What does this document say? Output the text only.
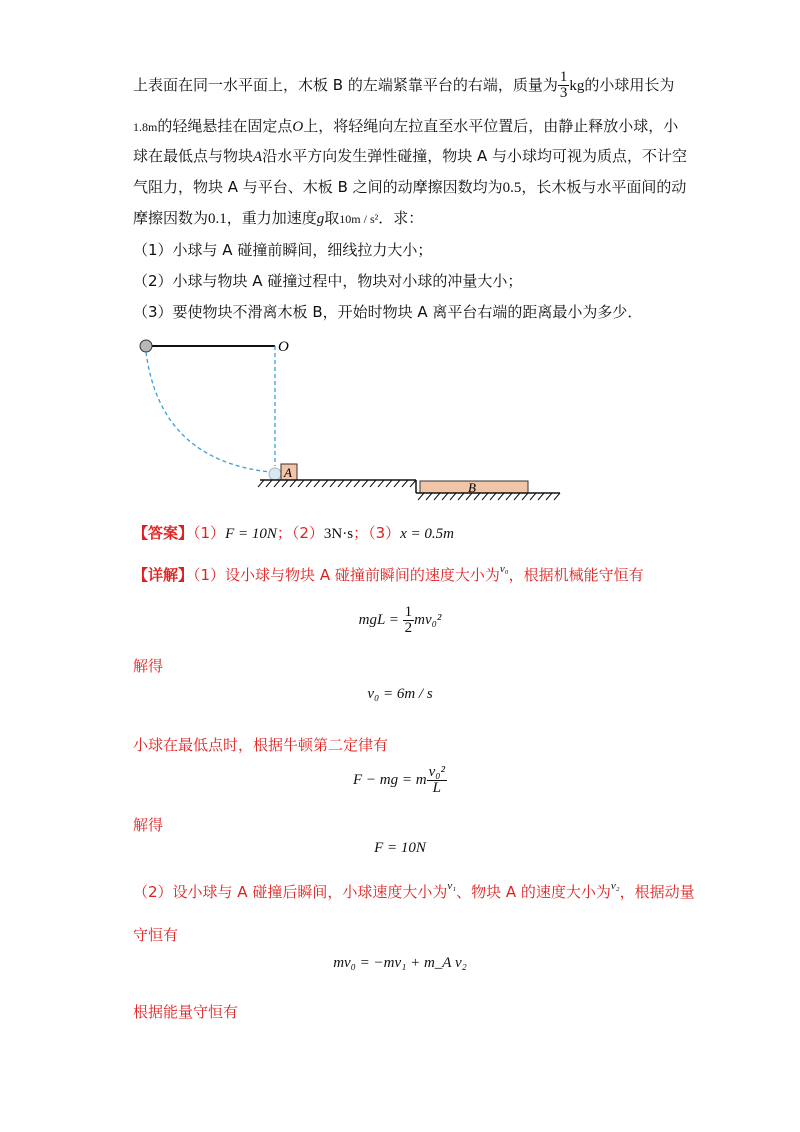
上表面在同一水平面上，木板 B 的左端紧靠平台的右端，质量为 $\frac{1}{3}$ kg的小球用长为
1.8m的轻绳悬挂在固定点O上，将轻绳向左拉直至水平位置后，由静止释放小球，小
球在最低点与物块A沿水平方向发生弹性碰撞，物块 A 与小球均可视为质点，不计空
气阻力，物块 A 与平台、木板 B 之间的动摩擦因数均为0.5，长木板与水平面间的动
摩擦因数为0.1，重力加速度g取10m / s²．求：
（1）小球与 A 碰撞前瞬间，细线拉力大小；
（2）小球与物块 A 碰撞过程中，物块对小球的冲量大小；
（3）要使物块不滑离木板 B，开始时物块 A 离平台右端的距离最小为多少．
O
A
B
【答案】（1）F = 10N；（2）3N·s；（3）x = 0.5m
【详解】（1）设小球与物块 A 碰撞前瞬间的速度大小为$^{v_0}$，根据机械能守恒有
mgL = $\frac{1}{2} mv_0^2$
解得
v₀ = 6m / s
小球在最低点时，根据牛顿第二定律有
F − mg = m $\frac{\text{v₀²}}{L}$
解得
F = 10N
（2）设小球与 A 碰撞后瞬间，小球速度大小为$^{v_1}$、物块 A 的速度大小为$^{v_2}$，根据动量
守恒有
mv₀ = −mv₁ + m_A v₂
根据能量守恒有
